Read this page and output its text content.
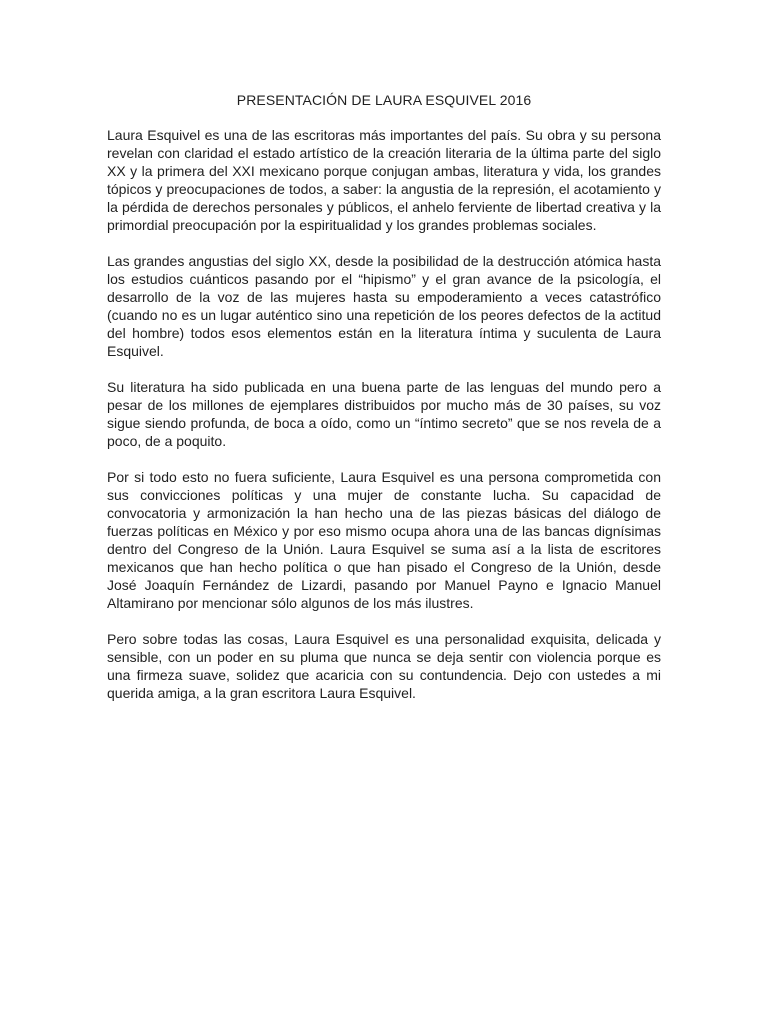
PRESENTACIÓN DE LAURA ESQUIVEL 2016

Laura Esquivel es una de las escritoras más importantes del país. Su obra y su persona revelan con claridad el estado artístico de la creación literaria de la última parte del siglo XX y la primera del XXI mexicano porque conjugan ambas, literatura y vida, los grandes tópicos y preocupaciones de todos, a saber: la angustia de la represión, el acotamiento y la pérdida de derechos personales y públicos, el anhelo ferviente de libertad creativa y la primordial preocupación por la espiritualidad y los grandes problemas sociales.

Las grandes angustias del siglo XX, desde la posibilidad de la destrucción atómica hasta los estudios cuánticos pasando por el “hipismo” y el gran avance de la psicología, el desarrollo de la voz de las mujeres hasta su empoderamiento a veces catastrófico (cuando no es un lugar auténtico sino una repetición de los peores defectos de la actitud del hombre) todos esos elementos están en la literatura íntima y suculenta de Laura Esquivel.

Su literatura ha sido publicada en una buena parte de las lenguas del mundo pero a pesar de los millones de ejemplares distribuidos por mucho más de 30 países, su voz sigue siendo profunda, de boca a oído, como un “íntimo secreto” que se nos revela de a poco, de a poquito.

Por si todo esto no fuera suficiente, Laura Esquivel es una persona comprometida con sus convicciones políticas y una mujer de constante lucha. Su capacidad de convocatoria y armonización la han hecho una de las piezas básicas del diálogo de fuerzas políticas en México y por eso mismo ocupa ahora una de las bancas dignísimas dentro del Congreso de la Unión. Laura Esquivel se suma así a la lista de escritores mexicanos que han hecho política o que han pisado el Congreso de la Unión, desde José Joaquín Fernández de Lizardi, pasando por Manuel Payno e Ignacio Manuel Altamirano por mencionar sólo algunos de los más ilustres.

Pero sobre todas las cosas, Laura Esquivel es una personalidad exquisita, delicada y sensible, con un poder en su pluma que nunca se deja sentir con violencia porque es una firmeza suave, solidez que acaricia con su contundencia. Dejo con ustedes a mi querida amiga, a la gran escritora Laura Esquivel.
